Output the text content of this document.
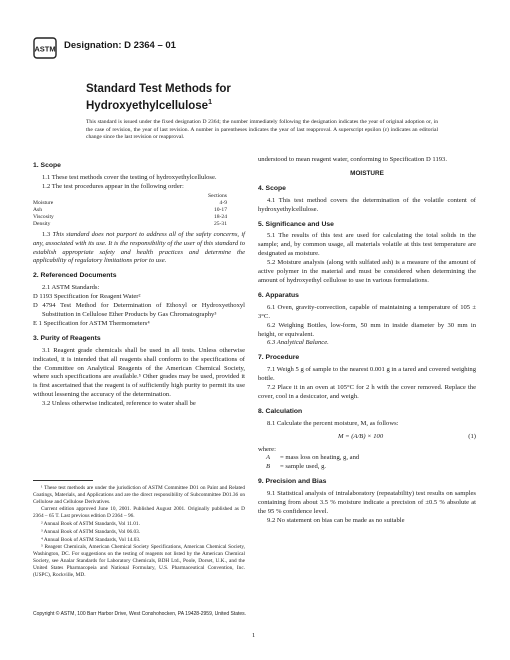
ASTM Designation: D 2364 – 01
Standard Test Methods for
Hydroxyethylcellulose$^1$
This standard is issued under the fixed designation D 2364; the number immediately following the designation indicates the year of original adoption or, in the case of revision, the year of last revision. A number in parentheses indicates the year of last reapproval. A superscript epsilon (ε) indicates an editorial change since the last revision or reapproval.

1. Scope

1.1 These test methods cover the testing of hydroxyethylcellulose.

1.2 The test procedures appear in the following order:

	Sections
Moisture	4-9
Ash	10-17
Viscosity	18-24
Density	25-31

1.3 This standard does not purport to address all of the safety concerns, if any, associated with its use. It is the responsibility of the user of this standard to establish appropriate safety and health practices and determine the applicability of regulatory limitations prior to use.

2. Referenced Documents

2.1 ASTM Standards:

D 1193 Specification for Reagent Water²

D 4794 Test Method for Determination of Ethoxyl or Hydroxyethoxyl Substitution in Cellulose Ether Products by Gas Chromatography³

E 1 Specification for ASTM Thermometers⁴

3. Purity of Reagents

3.1 Reagent grade chemicals shall be used in all tests. Unless otherwise indicated, it is intended that all reagents shall conform to the specifications of the Committee on Analytical Reagents of the American Chemical Society, where such specifications are available.⁵ Other grades may be used, provided it is first ascertained that the reagent is of sufficiently high purity to permit its use without lessening the accuracy of the determination.

3.2 Unless otherwise indicated, reference to water shall be

¹ These test methods are under the jurisdiction of ASTM Committee D01 on Paint and Related Coatings, Materials, and Applications and are the direct responsibility of Subcommittee D01.36 on Cellulose and Cellulose Derivatives.

Current edition approved June 10, 2001. Published August 2001. Originally published as D 2364 – 65 T. Last previous edition D 2364 – 96.

² Annual Book of ASTM Standards, Vol 11.01.

³ Annual Book of ASTM Standards, Vol 06.03.

⁴ Annual Book of ASTM Standards, Vol 14.03.

⁵ Reagent Chemicals, American Chemical Society Specifications, American Chemical Society, Washington, DC. For suggestions on the testing of reagents not listed by the American Chemical Society, see Analar Standards for Laboratory Chemicals, BDH Ltd., Poole, Dorset, U.K., and the United States Pharmacopeia and National Formulary, U.S. Pharmaceutical Convention, Inc. (USPC), Rockville, MD.

understood to mean reagent water, conforming to Specification D 1193.

MOISTURE

4. Scope

4.1 This test method covers the determination of the volatile content of hydroxyethylcellulose.

5. Significance and Use

5.1 The results of this test are used for calculating the total solids in the sample; and, by common usage, all materials volatile at this test temperature are designated as moisture.

5.2 Moisture analysis (along with sulfated ash) is a measure of the amount of active polymer in the material and must be considered when determining the amount of hydroxyethyl cellulose to use in various formulations.

6. Apparatus

6.1 Oven, gravity-convection, capable of maintaining a temperature of 105 ± 3°C.

6.2 Weighing Bottles, low-form, 50 mm in inside diameter by 30 mm in height, or equivalent.

6.3 Analytical Balance.

7. Procedure

7.1 Weigh 5 g of sample to the nearest 0.001 g in a tared and covered weighing bottle.

7.2 Place it in an oven at 105°C for 2 h with the cover removed. Replace the cover, cool in a desiccator, and weigh.

8. Calculation

8.1 Calculate the percent moisture, M, as follows:

M = (A/B) × 100	(1)

where:

A	= mass loss on heating, g, and
B	= sample used, g.

9. Precision and Bias

9.1 Statistical analysis of intralaboratory (repeatability) test results on samples containing from about 3.5 % moisture indicate a precision of ±0.5 % absolute at the 95 % confidence level.

9.2 No statement on bias can be made as no suitable

Copyright © ASTM, 100 Barr Harbor Drive, West Conshohocken, PA 19428-2959, United States.
1
